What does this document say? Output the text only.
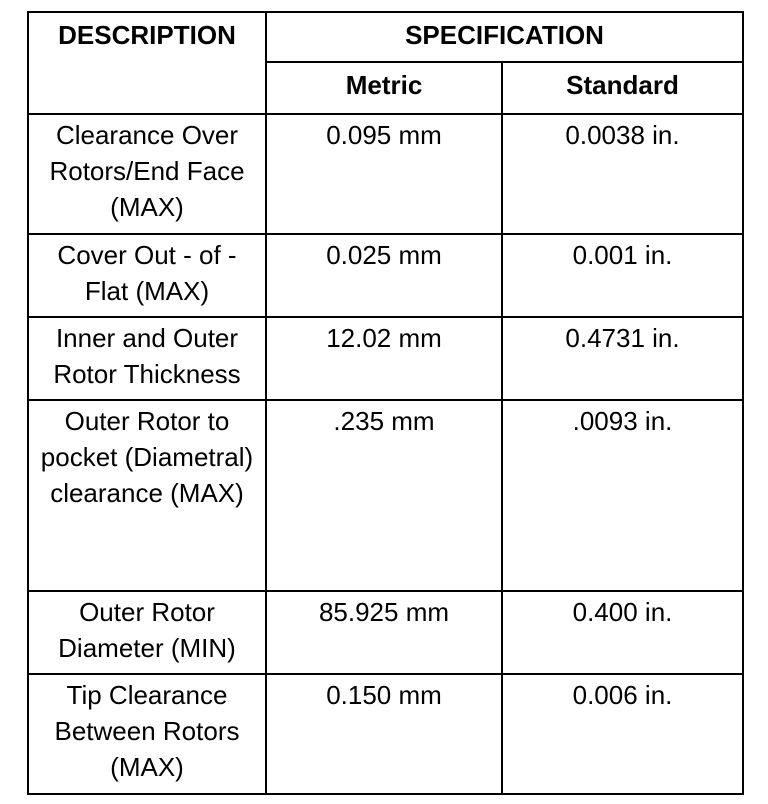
DESCRIPTION	SPECIFICATION	
	Metric	Standard
Clearance Over Rotors/End Face (MAX)	0.095 mm	0.0038 in.
Cover Out - of - Flat (MAX)	0.025 mm	0.001 in.
Inner and Outer Rotor Thickness	12.02 mm	0.4731 in.
Outer Rotor to pocket (Diametral) clearance (MAX)	.235 mm	.0093 in.
Outer Rotor Diameter (MIN)	85.925 mm	0.400 in.
Tip Clearance Between Rotors (MAX)	0.150 mm	0.006 in.
